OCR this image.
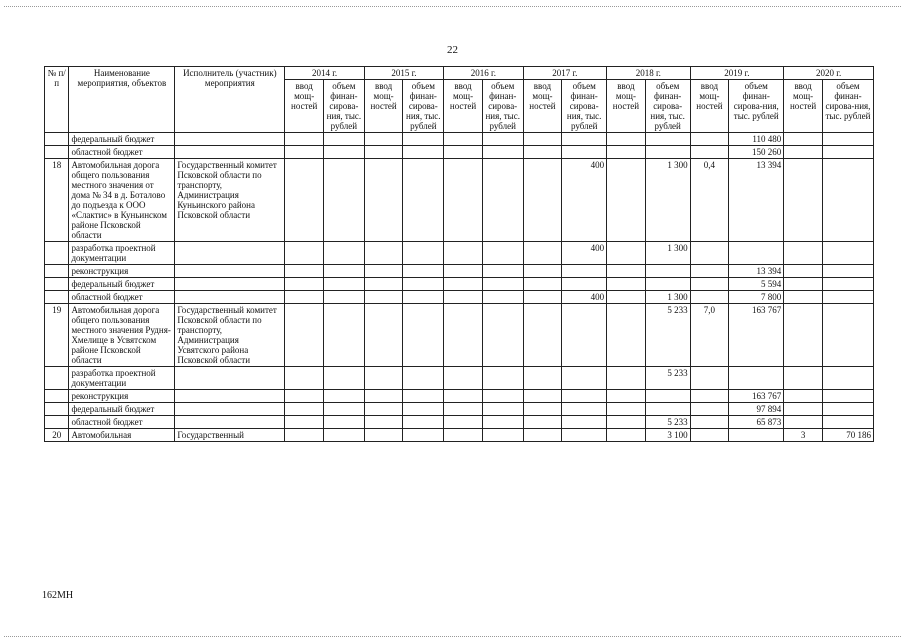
22
№ п/п	Наименование мероприятия, объектов	Исполнитель (участник) мероприятия	2014 г.		2015 г.		2016 г.		2017 г.		2018 г.		2019 г.		2020 г.	
			ввод мощ-ностей	объем финан-сирова-ния, тыс. рублей	ввод мощ-ностей	объем финан-сирова-ния, тыс. рублей	ввод мощ-ностей	объем финан-сирова-ния, тыс. рублей	ввод мощ-ностей	объем финан-сирова-ния, тыс. рублей	ввод мощ-ностей	объем финан-сирова-ния, тыс. рублей	ввод мощ-ностей	объем финан-сирова-ния, тыс. рублей	ввод мощ-ностей	объем финан-сирова-ния, тыс. рублей
	федеральный бюджет													110 480		
	областной бюджет													150 260		
18	Автомобильная дорога общего пользования местного значения от дома № 34 в д. Боталово до подъезда к ООО «Слактис» в Куньинском районе Псковской области	Государственный комитет Псковской области по транспорту, Администрация Куньинского района Псковской области								400		1 300	0,4	13 394		
	разработка проектной документации									400		1 300				
	реконструкция													13 394		
	федеральный бюджет													5 594		
	областной бюджет									400		1 300		7 800		
19	Автомобильная дорога общего пользования местного значения Рудня-Хмелище в Усвятском районе Псковской области	Государственный комитет Псковской области по транспорту, Администрация Усвятского района Псковской области										5 233	7,0	163 767		
	разработка проектной документации											5 233				
	реконструкция													163 767		
	федеральный бюджет													97 894		
	областной бюджет											5 233		65 873		
20	Автомобильная	Государственный										3 100			3	70 186
162МН
